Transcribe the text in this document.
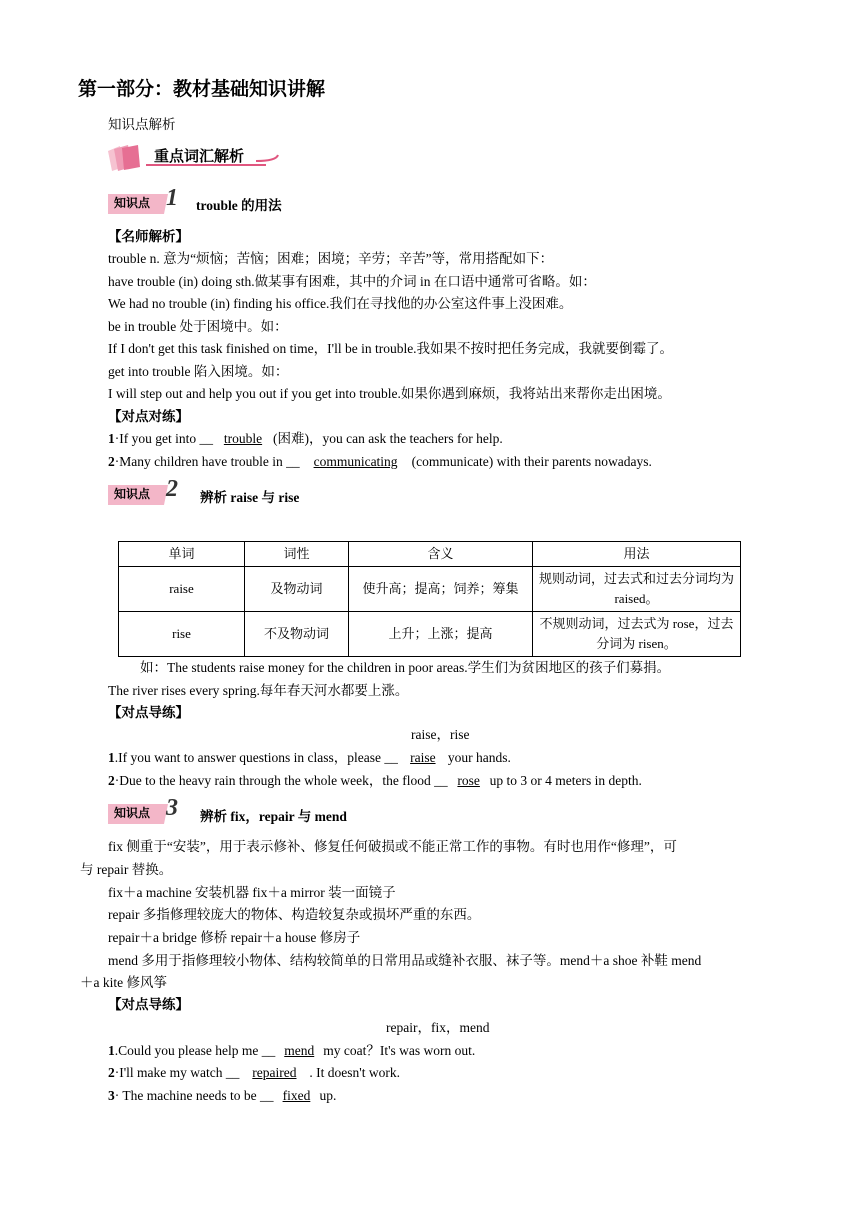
第一部分：教材基础知识讲解
知识点解析
重点词汇解析
知识点 1 trouble 的用法
【名师解析】
trouble n. 意为“烦恼；苦恼；困难；困境；辛劳；辛苦”等，常用搭配如下：
have trouble (in) doing sth.做某事有困难，其中的介词 in 在口语中通常可省略。如：
We had no trouble (in) finding his office.我们在寻找他的办公室这件事上没困难。
be in trouble 处于困境中。如：
If I don't get this task finished on time，I'll be in trouble.我如果不按时把任务完成，我就要倒霉了。
get into trouble 陷入困境。如：
I will step out and help you out if you get into trouble.如果你遇到麻烦，我将站出来帮你走出困境。
【对点对练】
1·If you get into __ trouble (困难)，you can ask the teachers for help.
2·Many children have trouble in __ communicating (communicate) with their parents nowadays.
知识点 2 辨析 raise 与 rise
单词	词性	含义	用法
raise	及物动词	使升高；提高；饲养；筹集	规则动词，过去式和过去分词均为 raised。
rise	不及物动词	上升；上涨；提高	不规则动词，过去式为 rose，过去分词为 risen。
如：The students raise money for the children in poor areas.学生们为贫困地区的孩子们募捐。
The river rises every spring.每年春天河水都要上涨。
【对点导练】
raise，rise
1.If you want to answer questions in class，please __ raise your hands.
2·Due to the heavy rain through the whole week，the flood __ rose up to 3 or 4 meters in depth.
知识点 3 辨析 fix，repair 与 mend
fix 侧重于“安装”，用于表示修补、修复任何破损或不能正常工作的事物。有时也用作“修理”，可
与 repair 替换。
fix＋a machine 安装机器 fix＋a mirror 装一面镜子
repair 多指修理较庞大的物体、构造较复杂或损坏严重的东西。
repair＋a bridge 修桥 repair＋a house 修房子
mend 多用于指修理较小物体、结构较简单的日常用品或缝补衣服、袜子等。mend＋a shoe 补鞋 mend
＋a kite 修风筝
【对点导练】
repair，fix，mend
1.Could you please help me __ mend my coat？It's was worn out.
2·I'll make my watch __ repaired . It doesn't work.
3· The machine needs to be __ fixed up.
